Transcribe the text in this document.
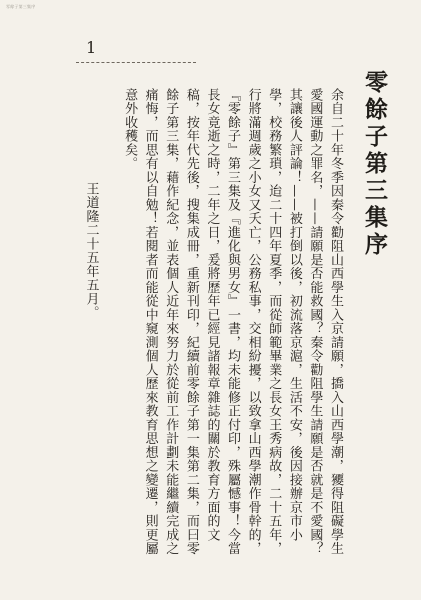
零餘子第三集序
1
零餘子第三集序

余自二十年冬季因秦令勸阻山西學生入京請願，撟入山西學潮，獿得阻礙學生愛國運動之罪名，——請願是否能救國？秦令勸阻學生請願是否就是不愛國？其讓後人評論！——被打倒以後，初流落京滬，生活不安，後因接辦京市小學，校務繁瑣，迨二十四年夏季，而從師範畢業之長女王秀病故，二十五年，行將滿週歲之小女又夭亡，公務私事，交相紛擾，以致拿山西學潮作骨幹的，『零餘子』第三集及『進化與男女』一書，均未能修正付印，殊屬憾事！今當長女竟逝之時，二年之日，爰將歷年已經見諸報章雜誌的關於教育方面的文稿，按年代先後，搜集成冊，重新刊印，紀續前零餘子第一集第二集，而曰零餘子第三集，藉作紀念，並表個人近年來努力於從前工作計劃未能繼續完成之痛悔，而思有以自勉！若閱者而能從中窺測個人歷來教育思想之變遷，則更屬意外收穫矣。

王道隆二十五年五月。
